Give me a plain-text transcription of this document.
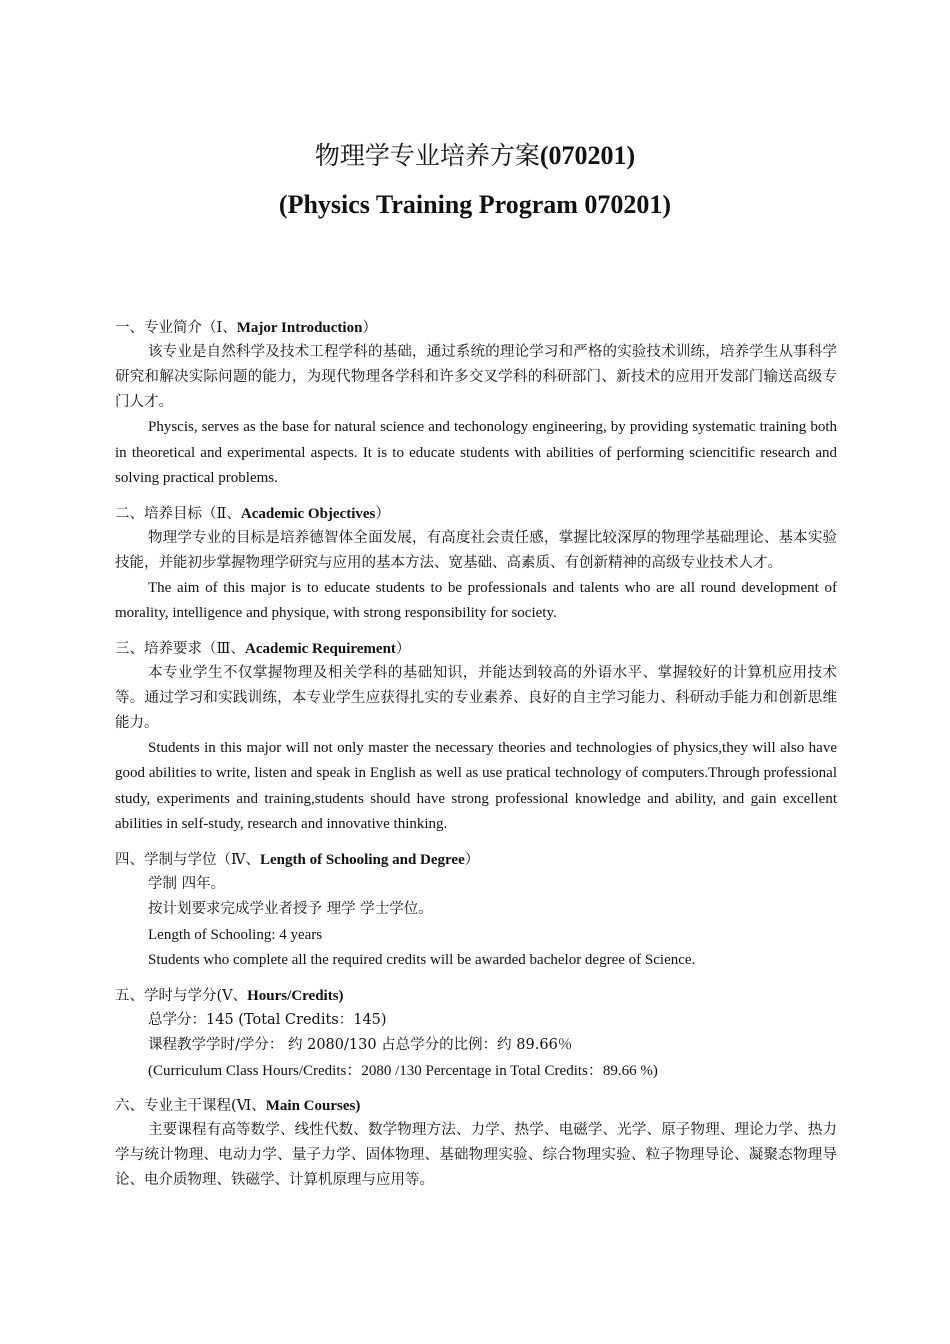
物理学专业培养方案(070201)
(Physics Training Program 070201)
一、专业简介（Ⅰ、Major Introduction）

该专业是自然科学及技术工程学科的基础，通过系统的理论学习和严格的实验技术训练，培养学生从事科学研究和解决实际问题的能力，为现代物理各学科和许多交叉学科的科研部门、新技术的应用开发部门输送高级专门人才。

Physcis, serves as the base for natural science and techonology engineering, by providing systematic training both in theoretical and experimental aspects. It is to educate students with abilities of performing sciencitific research and solving practical problems.

二、培养目标（Ⅱ、Academic Objectives）

物理学专业的目标是培养德智体全面发展，有高度社会责任感，掌握比较深厚的物理学基础理论、基本实验技能，并能初步掌握物理学研究与应用的基本方法、宽基础、高素质、有创新精神的高级专业技术人才。

The aim of this major is to educate students to be professionals and talents who are all round development of morality, intelligence and physique, with strong responsibility for society.

三、培养要求（Ⅲ、Academic Requirement）

本专业学生不仅掌握物理及相关学科的基础知识，并能达到较高的外语水平、掌握较好的计算机应用技术等。通过学习和实践训练，本专业学生应获得扎实的专业素养、良好的自主学习能力、科研动手能力和创新思维能力。

Students in this major will not only master the necessary theories and technologies of physics,they will also have good abilities to write, listen and speak in English as well as use pratical technology of computers.Through professional study, experiments and training,students should have strong professional knowledge and ability, and gain excellent abilities in self-study, research and innovative thinking.

四、学制与学位（Ⅳ、Length of Schooling and Degree）
学制 四年。
按计划要求完成学业者授予 理学 学士学位。
Length of Schooling: 4 years
Students who complete all the required credits will be awarded bachelor degree of Science.
五、学时与学分(Ⅴ、Hours/Credits)
总学分：145 (Total Credits：145)
课程教学学时/学分： 约 2080/130 占总学分的比例：约 89.66％
(Curriculum Class Hours/Credits：2080 /130 Percentage in Total Credits：89.66 %)
六、专业主干课程(Ⅵ、Main Courses)

主要课程有高等数学、线性代数、数学物理方法、力学、热学、电磁学、光学、原子物理、理论力学、热力学与统计物理、电动力学、量子力学、固体物理、基础物理实验、综合物理实验、粒子物理导论、凝聚态物理导论、电介质物理、铁磁学、计算机原理与应用等。
